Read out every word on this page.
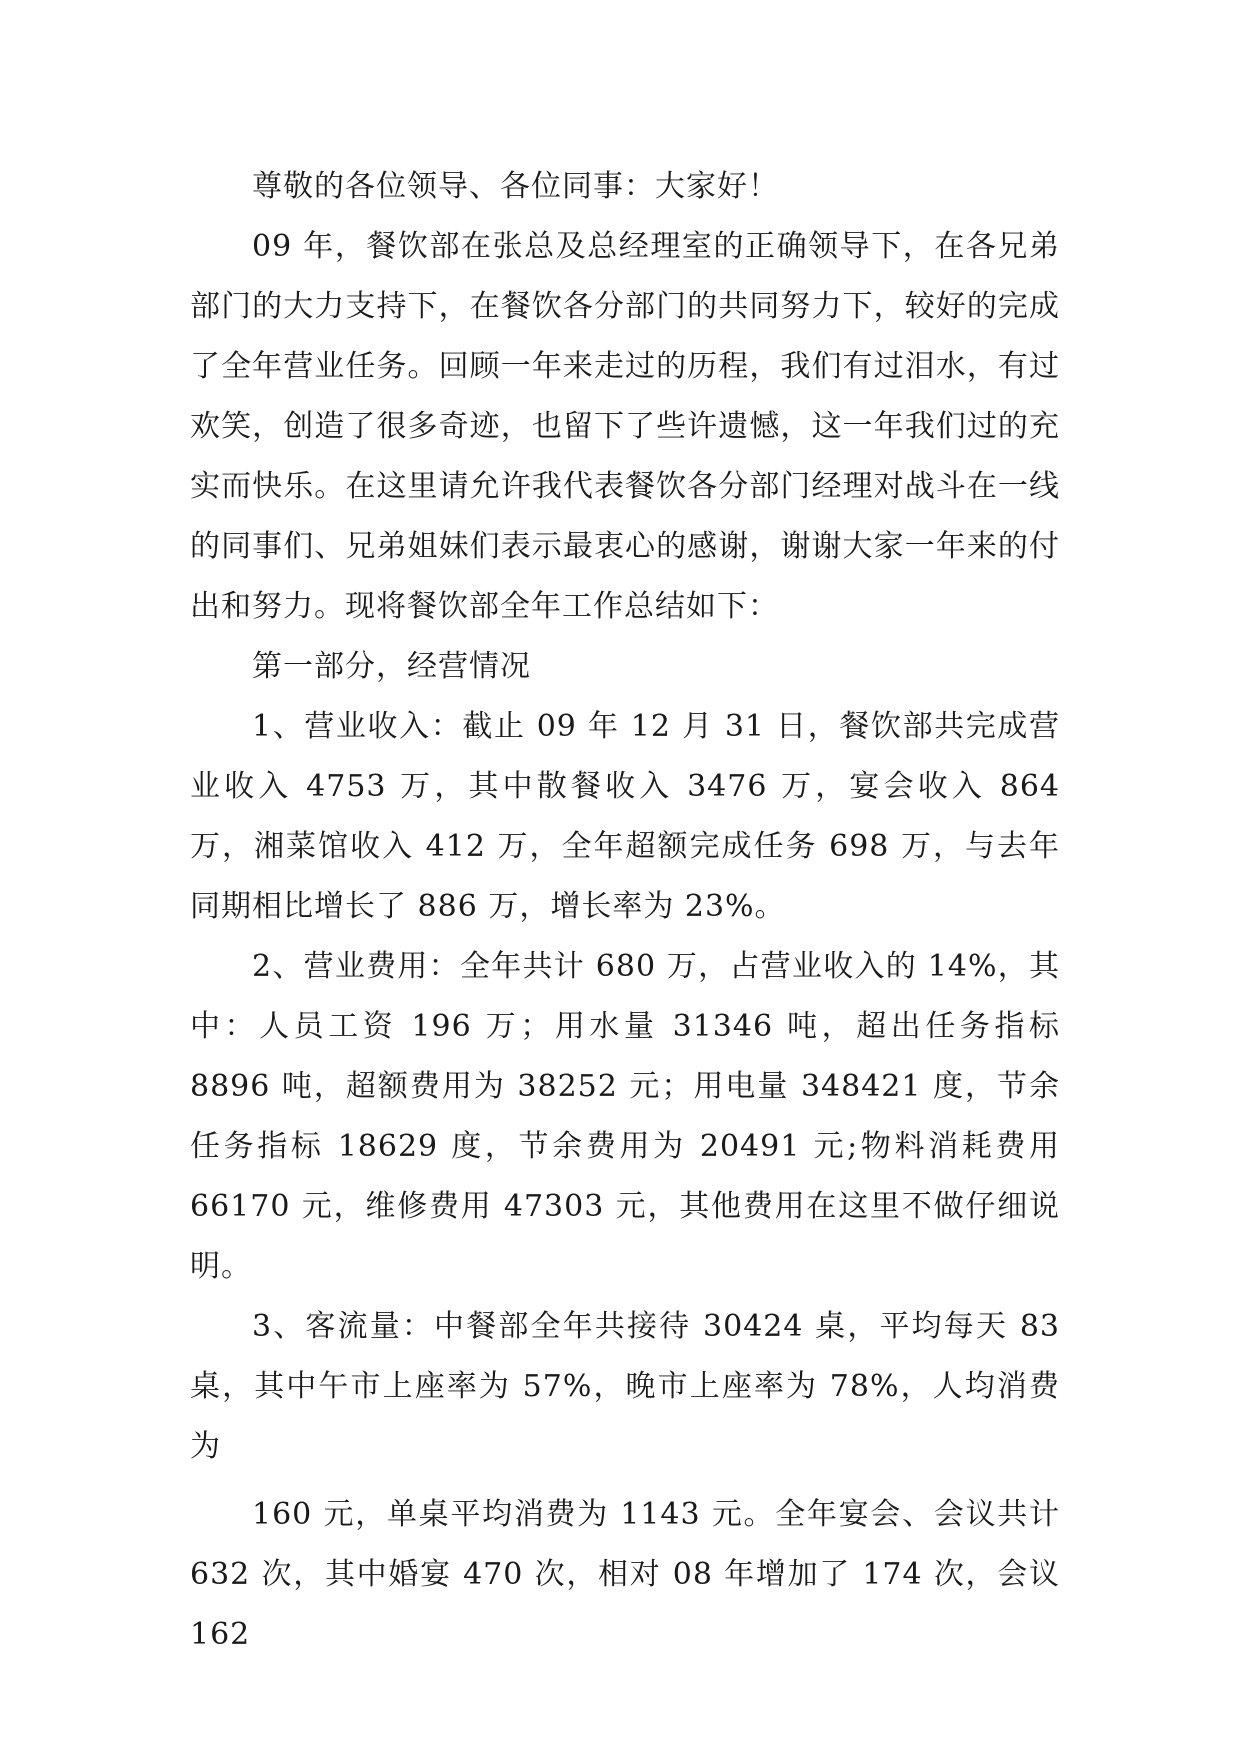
尊敬的各位领导、各位同事：大家好！

09 年，餐饮部在张总及总经理室的正确领导下，在各兄弟部门的大力支持下，在餐饮各分部门的共同努力下，较好的完成了全年营业任务。回顾一年来走过的历程，我们有过泪水，有过欢笑，创造了很多奇迹，也留下了些许遗憾，这一年我们过的充实而快乐。在这里请允许我代表餐饮各分部门经理对战斗在一线的同事们、兄弟姐妹们表示最衷心的感谢，谢谢大家一年来的付出和努力。现将餐饮部全年工作总结如下：

第一部分，经营情况

1、营业收入：截止 09 年 12 月 31 日，餐饮部共完成营业收入 4753 万，其中散餐收入 3476 万，宴会收入 864 万，湘菜馆收入 412 万，全年超额完成任务 698 万，与去年同期相比增长了 886 万，增长率为 23%。

2、营业费用：全年共计 680 万，占营业收入的 14%，其中：人员工资 196 万；用水量 31346 吨，超出任务指标 8896 吨，超额费用为 38252 元；用电量 348421 度，节余任务指标 18629 度，节余费用为 20491 元;物料消耗费用 66170 元，维修费用 47303 元，其他费用在这里不做仔细说明。

3、客流量：中餐部全年共接待 30424 桌，平均每天 83 桌，其中午市上座率为 57%，晚市上座率为 78%，人均消费为

160 元，单桌平均消费为 1143 元。全年宴会、会议共计 632 次，其中婚宴 470 次，相对 08 年增加了 174 次，会议 162
